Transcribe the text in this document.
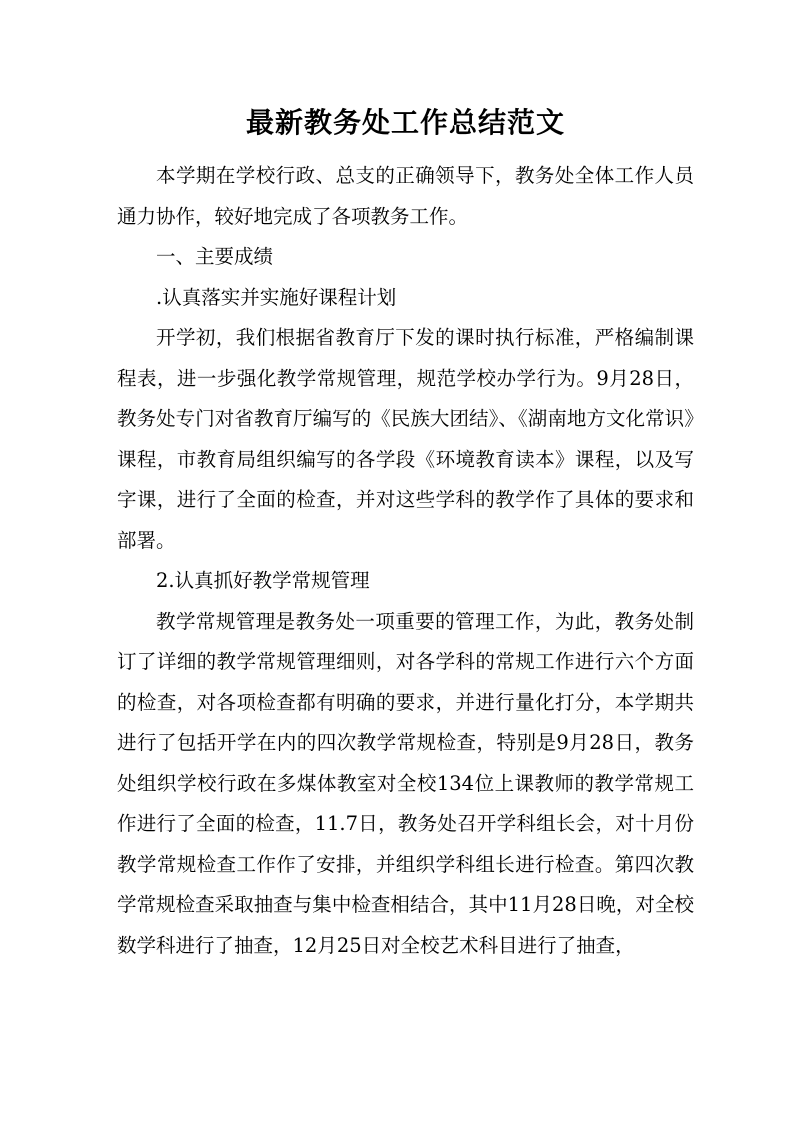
最新教务处工作总结范文

本学期在学校行政、总支的正确领导下，教务处全体工作人员通力协作，较好地完成了各项教务工作。

一、主要成绩

.认真落实并实施好课程计划

开学初，我们根据省教育厅下发的课时执行标准，严格编制课程表，进一步强化教学常规管理，规范学校办学行为。9月28日，教务处专门对省教育厅编写的《民族大团结》、《湖南地方文化常识》课程，市教育局组织编写的各学段《环境教育读本》课程，以及写字课，进行了全面的检查，并对这些学科的教学作了具体的要求和部署。

2.认真抓好教学常规管理

教学常规管理是教务处一项重要的管理工作，为此，教务处制订了详细的教学常规管理细则，对各学科的常规工作进行六个方面的检查，对各项检查都有明确的要求，并进行量化打分，本学期共进行了包括开学在内的四次教学常规检查，特别是9月28日，教务处组织学校行政在多煤体教室对全校134位上课教师的教学常规工作进行了全面的检查，11.7日，教务处召开学科组长会，对十月份教学常规检查工作作了安排，并组织学科组长进行检查。第四次教学常规检查采取抽查与集中检查相结合，其中11月28日晚，对全校数学科进行了抽查，12月25日对全校艺术科目进行了抽查，
